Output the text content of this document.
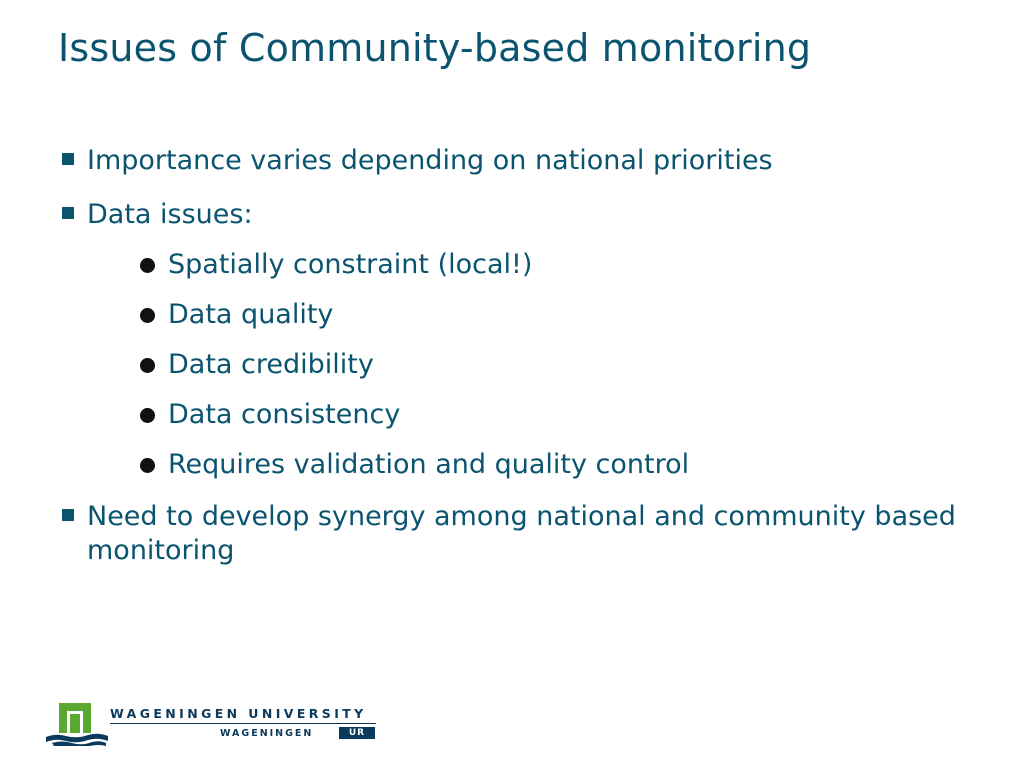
Issues of Community-based monitoring
Importance varies depending on national priorities
Data issues:
Spatially constraint (local!)
Data quality
Data credibility
Data consistency
Requires validation and quality control
Need to develop synergy among national and community based monitoring
WAGENINGEN UNIVERSITY
WAGENINGEN	UR
